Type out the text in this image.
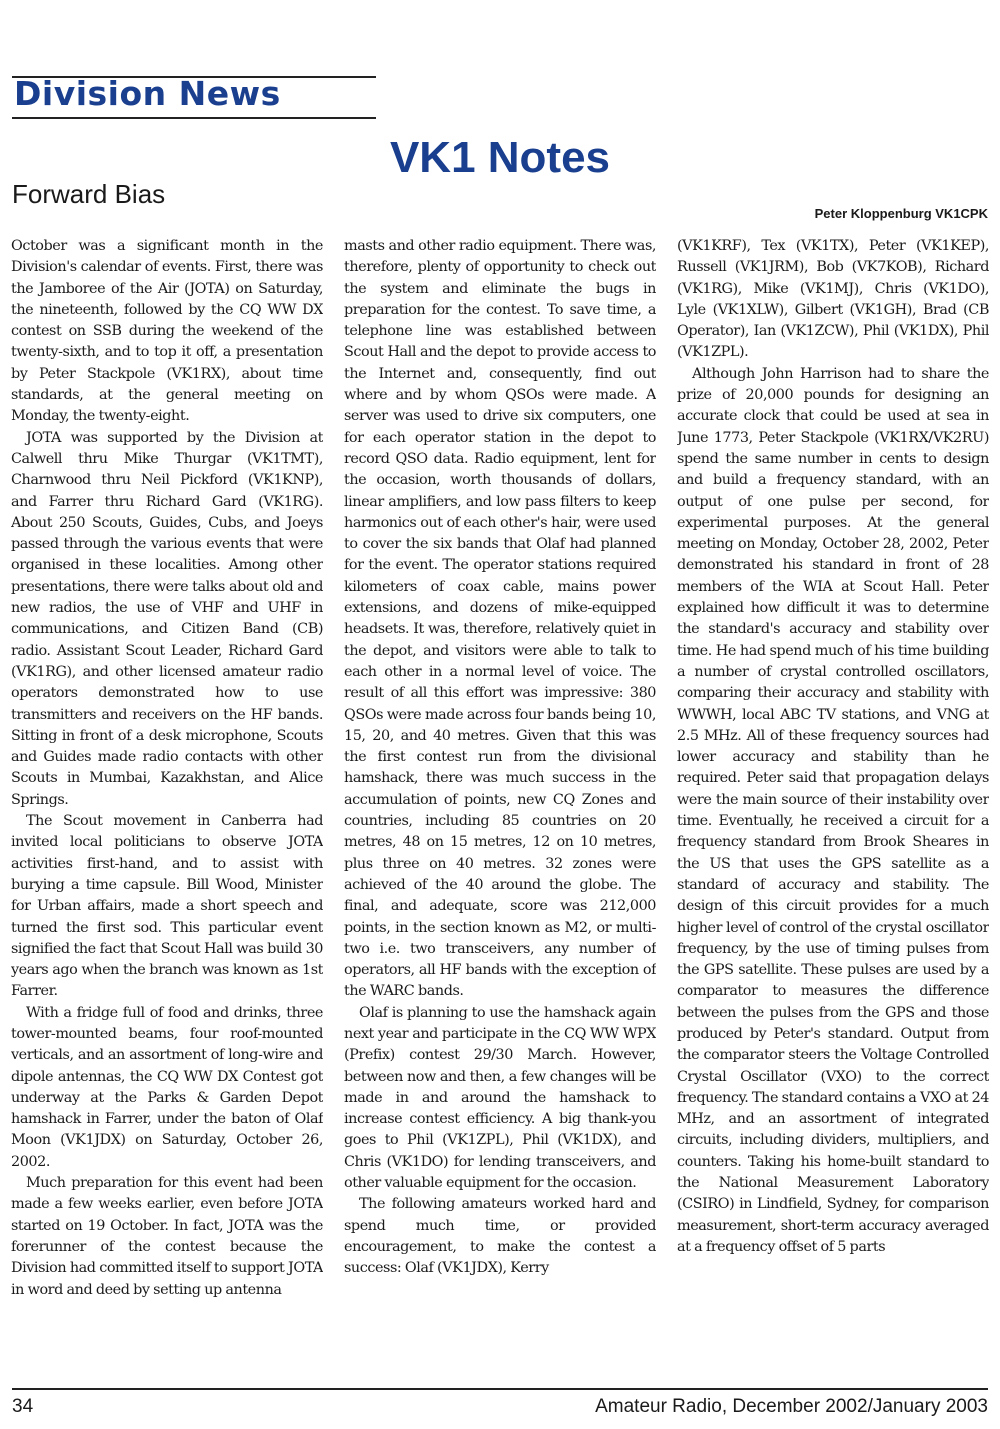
Division News
VK1 Notes
Forward Bias
Peter Kloppenburg VK1CPK

October was a significant month in the Division's calendar of events. First, there was the Jamboree of the Air (JOTA) on Saturday, the nineteenth, followed by the CQ WW DX contest on SSB during the weekend of the twenty-sixth, and to top it off, a presentation by Peter Stackpole (VK1RX), about time standards, at the general meeting on Monday, the twenty-eight.

JOTA was supported by the Division at Calwell thru Mike Thurgar (VK1TMT), Charnwood thru Neil Pickford (VK1KNP), and Farrer thru Richard Gard (VK1RG). About 250 Scouts, Guides, Cubs, and Joeys passed through the various events that were organised in these localities. Among other presentations, there were talks about old and new radios, the use of VHF and UHF in communications, and Citizen Band (CB) radio. Assistant Scout Leader, Richard Gard (VK1RG), and other licensed amateur radio operators demonstrated how to use transmitters and receivers on the HF bands. Sitting in front of a desk microphone, Scouts and Guides made radio contacts with other Scouts in Mumbai, Kazakhstan, and Alice Springs.

The Scout movement in Canberra had invited local politicians to observe JOTA activities first-hand, and to assist with burying a time capsule. Bill Wood, Minister for Urban affairs, made a short speech and turned the first sod. This particular event signified the fact that Scout Hall was build 30 years ago when the branch was known as 1st Farrer.

With a fridge full of food and drinks, three tower-mounted beams, four roof-mounted verticals, and an assortment of long-wire and dipole antennas, the CQ WW DX Contest got underway at the Parks & Garden Depot hamshack in Farrer, under the baton of Olaf Moon (VK1JDX) on Saturday, October 26, 2002.

Much preparation for this event had been made a few weeks earlier, even before JOTA started on 19 October. In fact, JOTA was the forerunner of the contest because the Division had committed itself to support JOTA in word and deed by setting up antenna

masts and other radio equipment. There was, therefore, plenty of opportunity to check out the system and eliminate the bugs in preparation for the contest. To save time, a telephone line was established between Scout Hall and the depot to provide access to the Internet and, consequently, find out where and by whom QSOs were made. A server was used to drive six computers, one for each operator station in the depot to record QSO data. Radio equipment, lent for the occasion, worth thousands of dollars, linear amplifiers, and low pass filters to keep harmonics out of each other's hair, were used to cover the six bands that Olaf had planned for the event. The operator stations required kilometers of coax cable, mains power extensions, and dozens of mike-equipped headsets. It was, therefore, relatively quiet in the depot, and visitors were able to talk to each other in a normal level of voice. The result of all this effort was impressive: 380 QSOs were made across four bands being 10, 15, 20, and 40 metres. Given that this was the first contest run from the divisional hamshack, there was much success in the accumulation of points, new CQ Zones and countries, including 85 countries on 20 metres, 48 on 15 metres, 12 on 10 metres, plus three on 40 metres. 32 zones were achieved of the 40 around the globe. The final, and adequate, score was 212,000 points, in the section known as M2, or multi-two i.e. two transceivers, any number of operators, all HF bands with the exception of the WARC bands.

Olaf is planning to use the hamshack again next year and participate in the CQ WW WPX (Prefix) contest 29/30 March. However, between now and then, a few changes will be made in and around the hamshack to increase contest efficiency. A big thank-you goes to Phil (VK1ZPL), Phil (VK1DX), and Chris (VK1DO) for lending transceivers, and other valuable equipment for the occasion.

The following amateurs worked hard and spend much time, or provided encouragement, to make the contest a success: Olaf (VK1JDX), Kerry

(VK1KRF), Tex (VK1TX), Peter (VK1KEP), Russell (VK1JRM), Bob (VK7KOB), Richard (VK1RG), Mike (VK1MJ), Chris (VK1DO), Lyle (VK1XLW), Gilbert (VK1GH), Brad (CB Operator), Ian (VK1ZCW), Phil (VK1DX), Phil (VK1ZPL).

Although John Harrison had to share the prize of 20,000 pounds for designing an accurate clock that could be used at sea in June 1773, Peter Stackpole (VK1RX/VK2RU) spend the same number in cents to design and build a frequency standard, with an output of one pulse per second, for experimental purposes. At the general meeting on Monday, October 28, 2002, Peter demonstrated his standard in front of 28 members of the WIA at Scout Hall. Peter explained how difficult it was to determine the standard's accuracy and stability over time. He had spend much of his time building a number of crystal controlled oscillators, comparing their accuracy and stability with WWWH, local ABC TV stations, and VNG at 2.5 MHz. All of these frequency sources had lower accuracy and stability than he required. Peter said that propagation delays were the main source of their instability over time. Eventually, he received a circuit for a frequency standard from Brook Sheares in the US that uses the GPS satellite as a standard of accuracy and stability. The design of this circuit provides for a much higher level of control of the crystal oscillator frequency, by the use of timing pulses from the GPS satellite. These pulses are used by a comparator to measures the difference between the pulses from the GPS and those produced by Peter's standard. Output from the comparator steers the Voltage Controlled Crystal Oscillator (VXO) to the correct frequency. The standard contains a VXO at 24 MHz, and an assortment of integrated circuits, including dividers, multipliers, and counters. Taking his home-built standard to the National Measurement Laboratory (CSIRO) in Lindfield, Sydney, for comparison measurement, short-term accuracy averaged at a frequency offset of 5 parts

34	Amateur Radio, December 2002/January 2003
